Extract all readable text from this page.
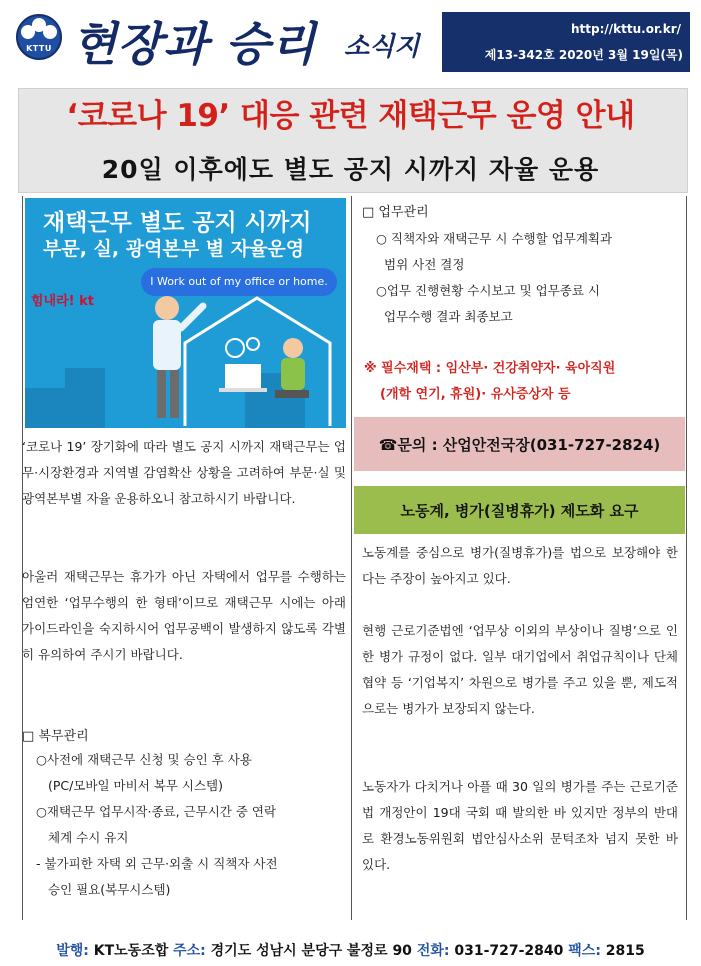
KTTU 현장과 승리 소식지
http://kttu.or.kr/
제13-342호 2020년 3월 19일(목)
‘코로나 19’ 대응 관련 재택근무 운영 안내
20일 이후에도 별도 공지 시까지 자율 운용
재택근무 별도 공지 시까지
부문, 실, 광역본부 별 자율운영
I Work out of my office or home.
힘내라! kt
‘코로나 19’ 장기화에 따라 별도 공지 시까지 재택근무는 업무·시장환경과 지역별 감염확산 상황을 고려하여 부문·실 및 광역본부별 자율 운용하오니 참고하시기 바랍니다.
아울러 재택근무는 휴가가 아닌 자택에서 업무를 수행하는 엄연한 ‘업무수행의 한 형태’이므로 재택근무 시에는 아래 가이드라인을 숙지하시어 업무공백이 발생하지 않도록 각별히 유의하여 주시기 바랍니다.
□ 복무관리
○사전에 재택근무 신청 및 승인 후 사용
(PC/모바일 마비서 복무 시스템)
○재택근무 업무시작·종료, 근무시간 중 연락
체계 수시 유지
- 불가피한 자택 외 근무·외출 시 직책자 사전
승인 필요(복무시스템)
□ 업무관리
○ 직책자와 재택근무 시 수행할 업무계획과
범위 사전 결정
○업무 진행현황 수시보고 및 업무종료 시
업무수행 결과 최종보고
※ 필수재택 : 임산부· 건강취약자· 육아직원
(개학 연기, 휴원)· 유사증상자 등
☎문의 : 산업안전국장(031-727-2824)
노동계, 병가(질병휴가) 제도화 요구
노동계를 중심으로 병가(질병휴가)를 법으로 보장해야 한다는 주장이 높아지고 있다.
현행 근로기준법엔 ‘업무상 이외의 부상이나 질병’으로 인한 병가 규정이 없다. 일부 대기업에서 취업규칙이나 단체협약 등 ‘기업복지’ 차원으로 병가를 주고 있을 뿐, 제도적으로는 병가가 보장되지 않는다.
노동자가 다치거나 아플 때 30 일의 병가를 주는 근로기준법 개정안이 19대 국회 때 발의한 바 있지만 정부의 반대로 환경노동위원회 법안심사소위 문턱조차 넘지 못한 바 있다.
발행: KT노동조합 주소: 경기도 성남시 분당구 불정로 90 전화: 031-727-2840 팩스: 2815
